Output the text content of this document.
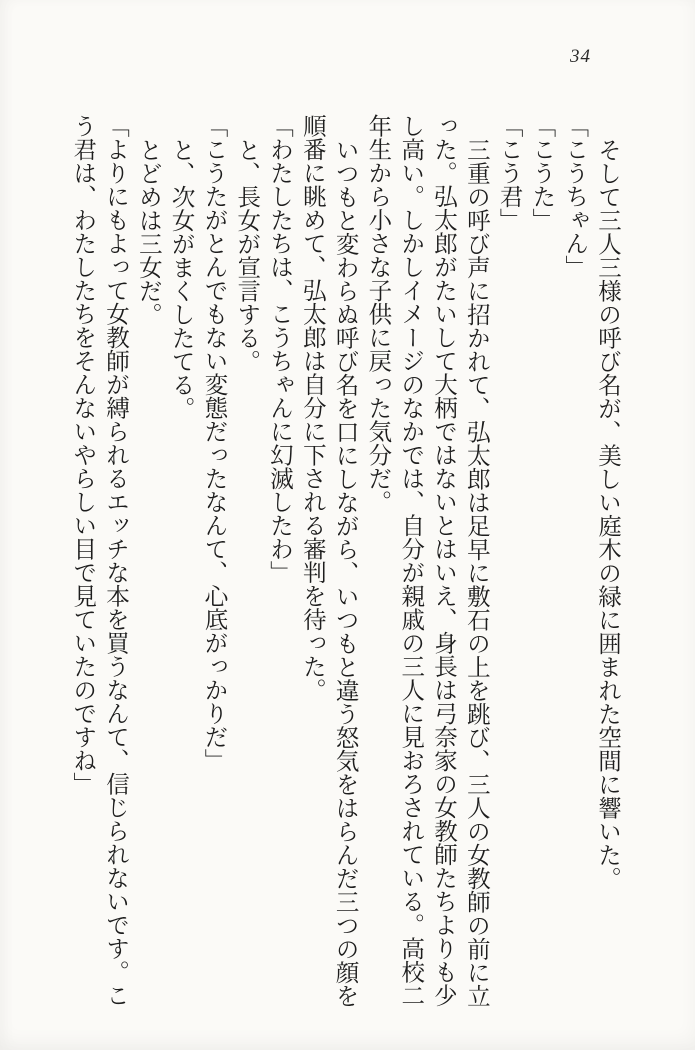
34
そして三人三様の呼び名が、美しい庭木の緑に囲まれた空間に響いた。
「こうちゃん」
「こうた」
「こう君」
三重の呼び声に招かれて、弘太郎は足早に敷石の上を跳び、三人の女教師の前に立
った。弘太郎がたいして大柄ではないとはいえ、身長は弓奈家の女教師たちよりも少
し高い。しかしイメージのなかでは、自分が親戚の三人に見おろされている。高校二
年生から小さな子供に戻った気分だ。
いつもと変わらぬ呼び名を口にしながら、いつもと違う怒気をはらんだ三つの顔を
順番に眺めて、弘太郎は自分に下される審判を待った。
「わたしたちは、こうちゃんに幻滅したわ」
と、長女が宣言する。
「こうたがとんでもない変態だったなんて、心底がっかりだ」
と、次女がまくしたてる。
とどめは三女だ。
「よりにもよって女教師が縛られるエッチな本を買うなんて、信じられないです。こ
う君は、わたしたちをそんないやらしい目で見ていたのですね」
